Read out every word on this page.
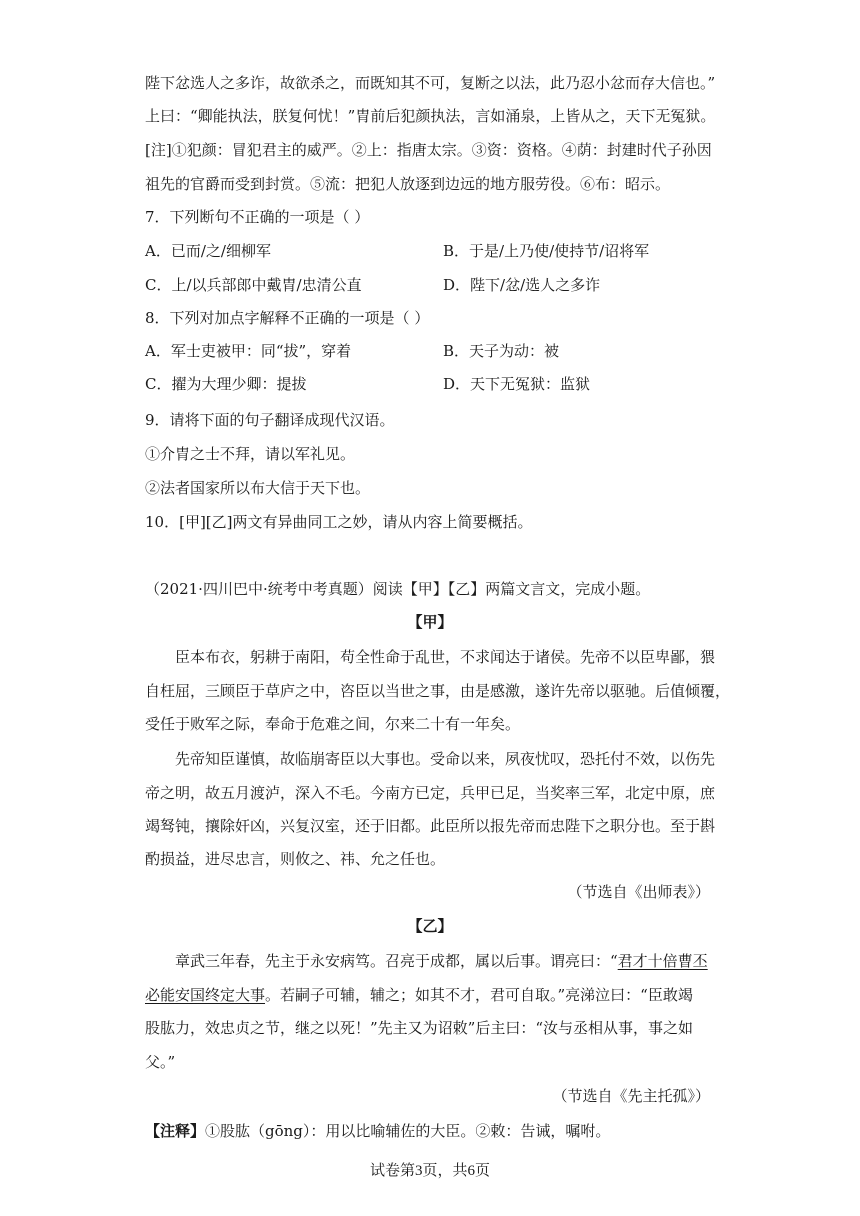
陛下忿选人之多诈，故欲杀之，而既知其不可，复断之以法，此乃忍小忿而存大信也。”
上曰：“卿能执法，朕复何忧！”胄前后犯颜执法，言如涌泉，上皆从之，天下无冤狱。
[注]①犯颜：冒犯君主的威严。②上：指唐太宗。③资：资格。④荫：封建时代子孙因
祖先的官爵而受到封赏。⑤流：把犯人放逐到边远的地方服劳役。⑥布：昭示。
7．下列断句不正确的一项是（ ）
A．已而/之/细柳军	B．于是/上乃使/使持节/诏将军
C．上/以兵部郎中戴胄/忠清公直	D．陛下/忿/选人之多诈
8．下列对加点字解释不正确的一项是（ ）
A．军士吏被甲：同“拔”，穿着	B．天子为动：被
C．擢为大理少卿：提拔	D．天下无冤狱：监狱
9．请将下面的句子翻译成现代汉语。
①介胄之士不拜，请以军礼见。
②法者国家所以布大信于天下也。
10．[甲][乙]两文有异曲同工之妙，请从内容上简要概括。
（2021·四川巴中·统考中考真题）阅读【甲】【乙】两篇文言文，完成小题。
【甲】
臣本布衣，躬耕于南阳，苟全性命于乱世，不求闻达于诸侯。先帝不以臣卑鄙，猥
自枉屈，三顾臣于草庐之中，咨臣以当世之事，由是感激，遂许先帝以驱驰。后值倾覆，
受任于败军之际，奉命于危难之间，尔来二十有一年矣。
先帝知臣谨慎，故临崩寄臣以大事也。受命以来，夙夜忧叹，恐托付不效，以伤先
帝之明，故五月渡泸，深入不毛。今南方已定，兵甲已足，当奖率三军，北定中原，庶
竭驽钝，攘除奸凶，兴复汉室，还于旧都。此臣所以报先帝而忠陛下之职分也。至于斟
酌损益，进尽忠言，则攸之、祎、允之任也。
（节选自《出师表》）
【乙】
章武三年春，先主于永安病笃。召亮于成都，属以后事。谓亮曰：“君才十倍曹丕
必能安国终定大事。若嗣子可辅，辅之；如其不才，君可自取。”亮涕泣曰：“臣敢竭
股肱力，效忠贞之节，继之以死！”先主又为诏敕”后主曰：“汝与丞相从事，事之如
父。”
（节选自《先主托孤》）
【注释】①股肱（gōng）：用以比喻辅佐的大臣。②敕：告诫，嘱咐。
试卷第3页，共6页
